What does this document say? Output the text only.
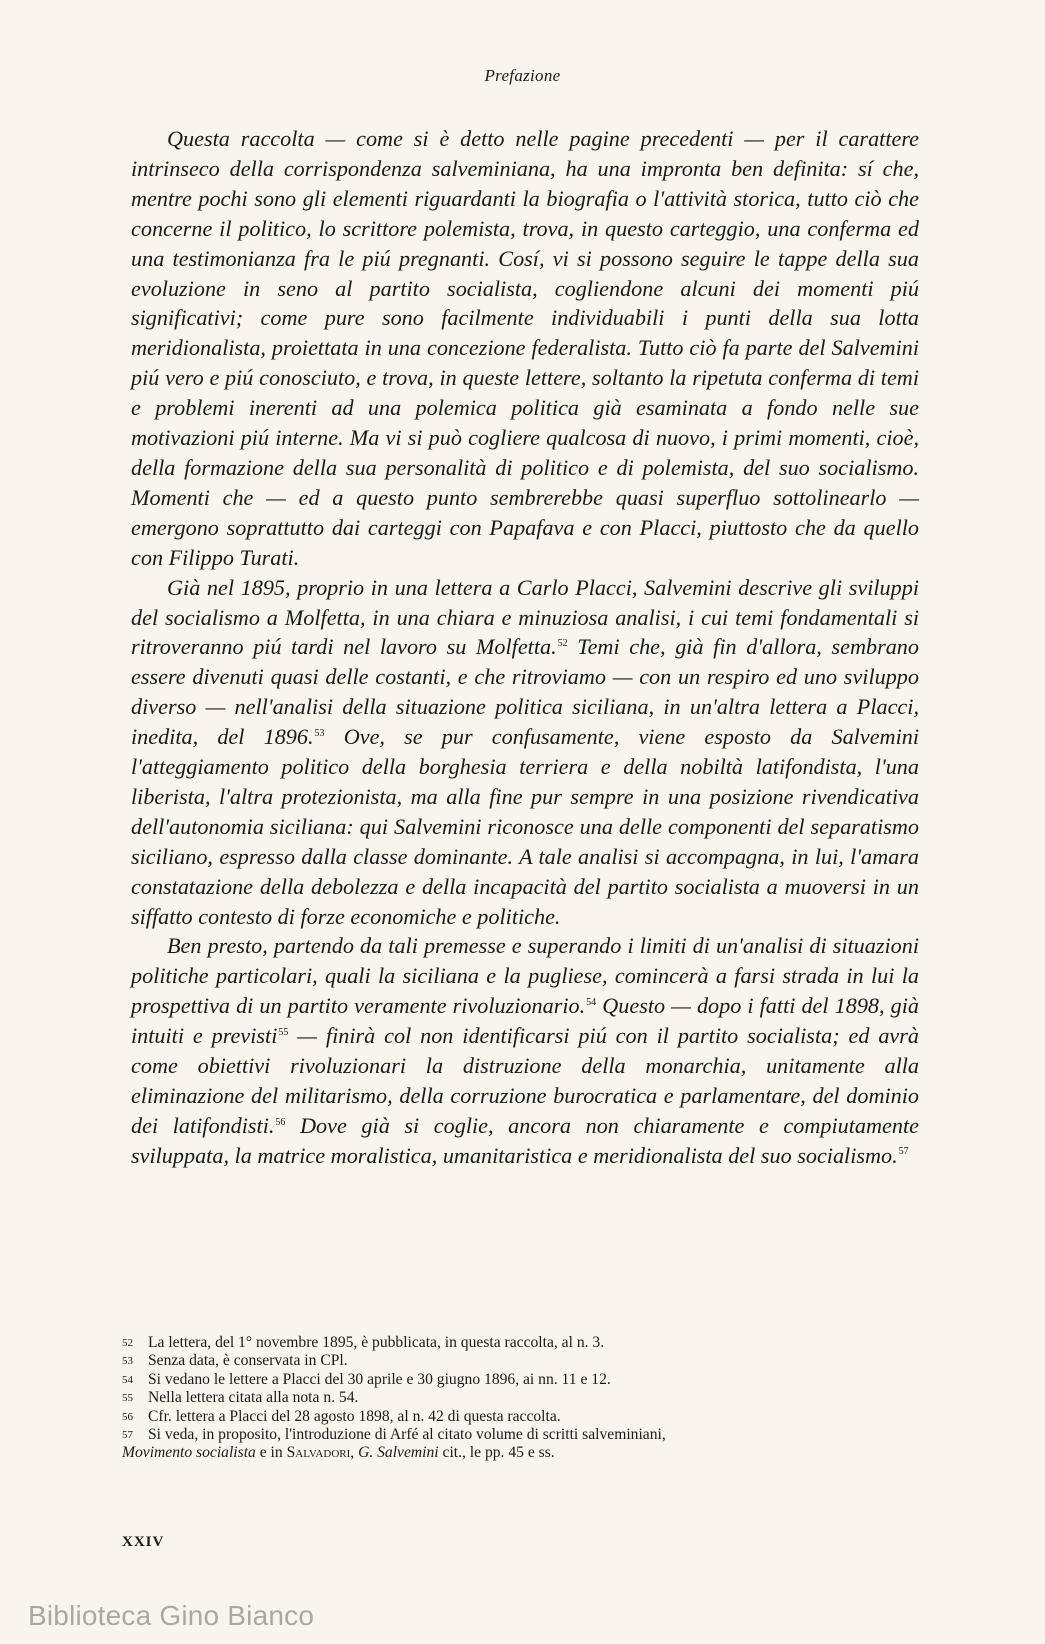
Prefazione

Questa raccolta — come si è detto nelle pagine precedenti — per il carattere intrinseco della corrispondenza salveminiana, ha una impronta ben definita: sí che, mentre pochi sono gli elementi riguardanti la biografia o l'attività storica, tutto ciò che concerne il politico, lo scrittore polemista, trova, in questo carteggio, una conferma ed una testimonianza fra le piú pregnanti. Cosí, vi si possono seguire le tappe della sua evoluzione in seno al partito socialista, cogliendone alcuni dei momenti piú significativi; come pure sono facilmente individuabili i punti della sua lotta meridionalista, proiettata in una concezione federalista. Tutto ciò fa parte del Salvemini piú vero e piú conosciuto, e trova, in queste lettere, soltanto la ripetuta conferma di temi e problemi inerenti ad una polemica politica già esaminata a fondo nelle sue motivazioni piú interne. Ma vi si può cogliere qualcosa di nuovo, i primi momenti, cioè, della formazione della sua personalità di politico e di polemista, del suo socialismo. Momenti che — ed a questo punto sembrerebbe quasi superfluo sottolinearlo — emergono soprattutto dai carteggi con Papafava e con Placci, piuttosto che da quello con Filippo Turati.

Già nel 1895, proprio in una lettera a Carlo Placci, Salvemini descrive gli sviluppi del socialismo a Molfetta, in una chiara e minuziosa analisi, i cui temi fondamentali si ritroveranno piú tardi nel lavoro su Molfetta.$^{52}$ Temi che, già fin d'allora, sembrano essere divenuti quasi delle costanti, e che ritroviamo — con un respiro ed uno sviluppo diverso — nell'analisi della situazione politica siciliana, in un'altra lettera a Placci, inedita, del 1896.53 Ove, se pur confusamente, viene esposto da Salvemini l'atteggiamento politico della borghesia terriera e della nobiltà latifondista, l'una liberista, l'altra protezionista, ma alla fine pur sempre in una posizione rivendicativa dell'autonomia siciliana: qui Salvemini riconosce una delle componenti del separatismo siciliano, espresso dalla classe dominante. A tale analisi si accompagna, in lui, l'amara constatazione della debolezza e della incapacità del partito socialista a muoversi in un siffatto contesto di forze economiche e politiche.

Ben presto, partendo da tali premesse e superando i limiti di un'analisi di situazioni politiche particolari, quali la siciliana e la pugliese, comincerà a farsi strada in lui la prospettiva di un partito veramente rivoluzionario.$^{54}$ Questo — dopo i fatti del 1898, già intuiti e previsti$^{55}$ — finirà col non identificarsi piú con il partito socialista; ed avrà come obiettivi rivoluzionari la distruzione della monarchia, unitamente alla eliminazione del militarismo, della corruzione burocratica e parlamentare, del dominio dei latifondisti.$^{56}$ Dove già si coglie, ancora non chiaramente e compiutamente sviluppata, la matrice moralistica, umanitaristica e meridionalista del suo socialismo.$^{57}$

52 La lettera, del 1° novembre 1895, è pubblicata, in questa raccolta, al n. 3.
53 Senza data, è conservata in CPl.
54 Si vedano le lettere a Placci del 30 aprile e 30 giugno 1896, ai nn. 11 e 12.
55 Nella lettera citata alla nota n. 54.
56 Cfr. lettera a Placci del 28 agosto 1898, al n. 42 di questa raccolta.
57 Si veda, in proposito, l'introduzione di Arfé al citato volume di scritti salveminiani,
Movimento socialista e in Salvadori, G. Salvemini cit., le pp. 45 e ss.
XXIV
Biblioteca Gino Bianco
